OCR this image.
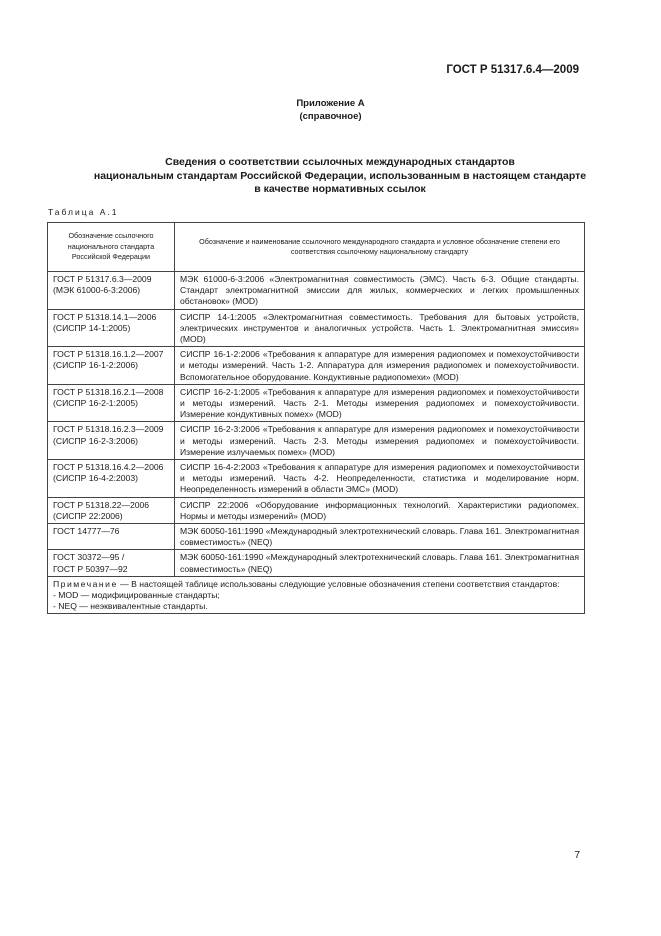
ГОСТ Р 51317.6.4—2009
Приложение А
(справочное)
Сведения о соответствии ссылочных международных стандартов
национальным стандартам Российской Федерации, использованным в настоящем стандарте
в качестве нормативных ссылок
Таблица А.1
Обозначение ссылочного национального стандарта Российской Федерации	Обозначение и наименование ссылочного международного стандарта и условное обозначение степени его соответствия ссылочному национальному стандарту

ГОСТ Р 51317.6.3—2009
(МЭК 61000-6-3:2006)	МЭК 61000-6-3:2006 «Электромагнитная совместимость (ЭМС). Часть 6-3. Общие стандарты. Стандарт электромагнитной эмиссии для жилых, коммерческих и легких промышленных обстановок» (MOD)

ГОСТ Р 51318.14.1—2006
(СИСПР 14-1:2005)	СИСПР 14-1:2005 «Электромагнитная совместимость. Требования для бытовых устройств, электрических инструментов и аналогичных устройств. Часть 1. Электромагнитная эмиссия» (MOD)

ГОСТ Р 51318.16.1.2—2007
(СИСПР 16-1-2:2006)	СИСПР 16-1-2:2006 «Требования к аппаратуре для измерения радиопомех и помехоустойчивости и методы измерений. Часть 1-2. Аппаратура для измерения радиопомех и помехоустойчивости. Вспомогательное оборудование. Кондуктивные радиопомехи» (MOD)

ГОСТ Р 51318.16.2.1—2008
(СИСПР 16-2-1:2005)	СИСПР 16-2-1:2005 «Требования к аппаратуре для измерения радиопомех и помехоустойчивости и методы измерений. Часть 2-1. Методы измерения радиопомех и помехоустойчивости. Измерение кондуктивных помех» (MOD)

ГОСТ Р 51318.16.2.3—2009
(СИСПР 16-2-3:2006)	СИСПР 16-2-3:2006 «Требования к аппаратуре для измерения радиопомех и помехоустойчивости и методы измерений. Часть 2-3. Методы измерения радиопомех и помехоустойчивости. Измерение излучаемых помех» (MOD)

ГОСТ Р 51318.16.4.2—2006
(СИСПР 16-4-2:2003)	СИСПР 16-4-2:2003 «Требования к аппаратуре для измерения радиопомех и помехоустойчивости и методы измерений. Часть 4-2. Неопределенности, статистика и моделирование норм. Неопределенность измерений в области ЭМС» (MOD)

ГОСТ Р 51318.22—2006
(СИСПР 22:2006)	СИСПР 22:2006 «Оборудование информационных технологий. Характеристики радиопомех. Нормы и методы измерений» (MOD)

ГОСТ 14777—76	МЭК 60050-161:1990 «Международный электротехнический словарь. Глава 161. Электромагнитная совместимость» (NEQ)

ГОСТ 30372—95 /
ГОСТ Р 50397—92	МЭК 60050-161:1990 «Международный электротехнический словарь. Глава 161. Электромагнитная совместимость» (NEQ)
Примечание — В настоящей таблице использованы следующие условные обозначения степени соответствия стандартов:
- MOD — модифицированные стандарты;
- NEQ — неэквивалентные стандарты.	
7
